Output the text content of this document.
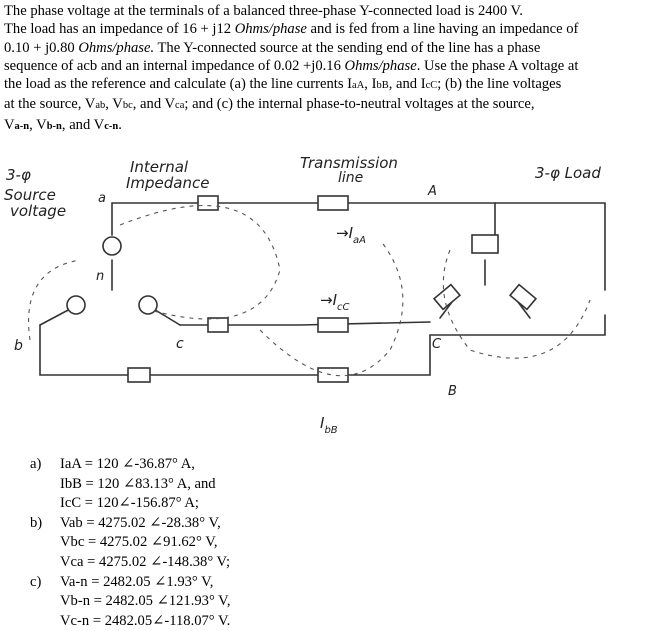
The phase voltage at the terminals of a balanced three-phase Y-connected load is 2400 V.
The load has an impedance of 16 + j12 Ohms/phase and is fed from a line having an impedance of
0.10 + j0.80 Ohms/phase. The Y-connected source at the sending end of the line has a phase
sequence of acb and an internal impedance of 0.02 +j0.16 Ohms/phase. Use the phase A voltage at
the load as the reference and calculate (a) the line currents IaA, IbB, and IcC; (b) the line voltages
at the source, Vab, Vbc, and Vca; and (c) the internal phase-to-neutral voltages at the source,
Va-n, Vb-n, and Vc-n.
3-φ
Source
voltage
Internal
Impedance
Transmission
line	3-φ Load
a
n
b	c
A
C
B
$\to I_{aA}$
$\to I_{cC}$
$I_{bB}$
a)	IaA = 120 ∠-36.87° A,
IbB = 120 ∠83.13° A, and
IcC = 120∠-156.87° A;
b)	Vab = 4275.02 ∠-28.38° V,
Vbc = 4275.02 ∠91.62° V,
Vca = 4275.02 ∠-148.38° V;
c)	Va-n = 2482.05 ∠1.93° V,
Vb-n = 2482.05 ∠121.93° V,
Vc-n = 2482.05∠-118.07° V.
